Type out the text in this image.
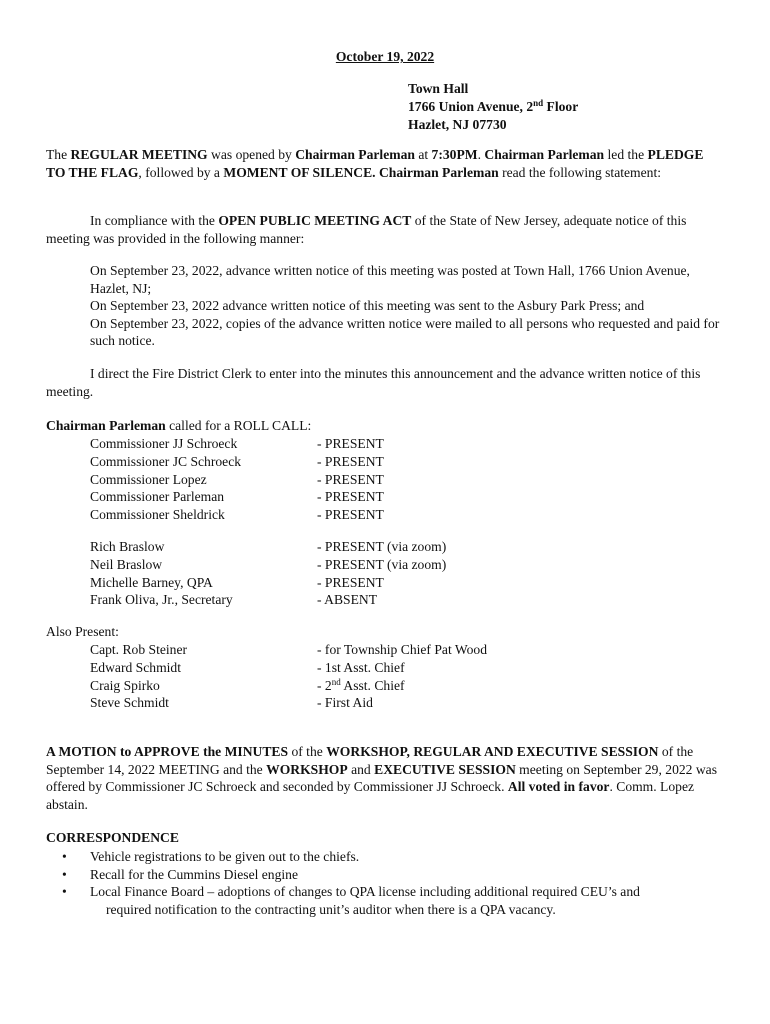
October 19, 2022
Town Hall
1766 Union Avenue, 2nd Floor
Hazlet, NJ 07730

The REGULAR MEETING was opened by Chairman Parleman at 7:30PM. Chairman Parleman led the PLEDGE TO THE FLAG, followed by a MOMENT OF SILENCE. Chairman Parleman read the following statement:

In compliance with the OPEN PUBLIC MEETING ACT of the State of New Jersey, adequate notice of this meeting was provided in the following manner:

On September 23, 2022, advance written notice of this meeting was posted at Town Hall, 1766 Union Avenue, Hazlet, NJ;
On September 23, 2022 advance written notice of this meeting was sent to the Asbury Park Press; and
On September 23, 2022, copies of the advance written notice were mailed to all persons who requested and paid for such notice.

I direct the Fire District Clerk to enter into the minutes this announcement and the advance written notice of this meeting.

Chairman Parleman called for a ROLL CALL:
Commissioner JJ Schroeck	- PRESENT
Commissioner JC Schroeck	- PRESENT
Commissioner Lopez	- PRESENT
Commissioner Parleman	- PRESENT
Commissioner Sheldrick	- PRESENT
Rich Braslow	- PRESENT (via zoom)
Neil Braslow	- PRESENT (via zoom)
Michelle Barney, QPA	- PRESENT
Frank Oliva, Jr., Secretary	- ABSENT
Also Present:
Capt. Rob Steiner	- for Township Chief Pat Wood
Edward Schmidt	- 1st Asst. Chief
Craig Spirko	- 2nd Asst. Chief
Steve Schmidt	- First Aid

A MOTION to APPROVE the MINUTES of the WORKSHOP, REGULAR AND EXECUTIVE SESSION of the September 14, 2022 MEETING and the WORKSHOP and EXECUTIVE SESSION meeting on September 29, 2022 was offered by Commissioner JC Schroeck and seconded by Commissioner JJ Schroeck. All voted in favor. Comm. Lopez abstain.

CORRESPONDENCE
• Vehicle registrations to be given out to the chiefs.
• Recall for the Cummins Diesel engine
• Local Finance Board – adoptions of changes to QPA license including additional required CEU’s and
required notification to the contracting unit’s auditor when there is a QPA vacancy.
